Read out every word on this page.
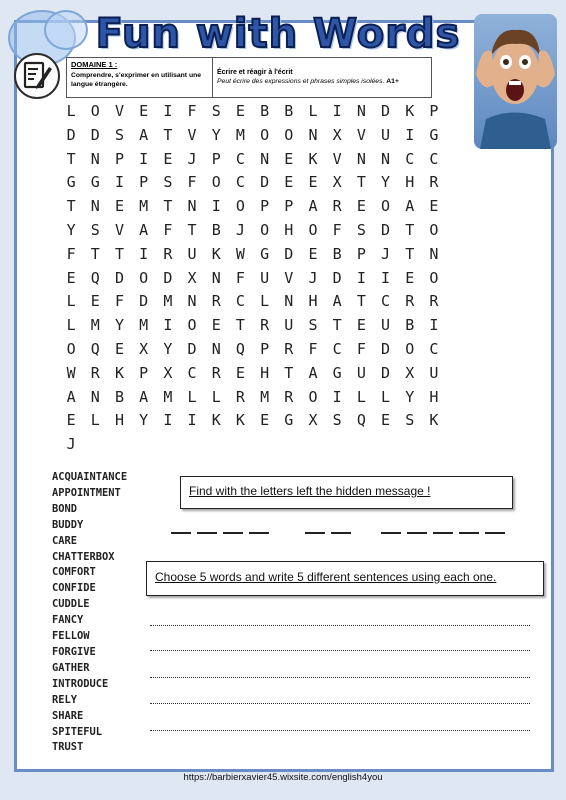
Fun with Words
DOMAINE 1 :
Comprendre, s'exprimer en utilisant une langue étrangère.
Écrire et réagir à l'écrit
Peut écrire des expressions et phrases simples isolées. A1+
L	O	V	E	I	F	S	E	B	B	L	I	N	D	K	P
D	D	S	A	T	V	Y	M	O	O	N	X	V	U	I	G
T	N	P	I	E	J	P	C	N	E	K	V	N	N	C	C
G	G	I	P	S	F	O	C	D	E	E	X	T	Y	H	R
T	N	E	M	T	N	I	O	P	P	A	R	E	O	A	E
Y	S	V	A	F	T	B	J	O	H	O	F	S	D	T	O
F	T	T	I	R	U	K	W	G	D	E	B	P	J	T	N
E	Q	D	O	D	X	N	F	U	V	J	D	I	I	E	O
L	E	F	D	M	N	R	C	L	N	H	A	T	C	R	R
L	M	Y	M	I	O	E	T	R	U	S	T	E	U	B	I
O	Q	E	X	Y	D	N	Q	P	R	F	C	F	D	O	C
W	R	K	P	X	C	R	E	H	T	A	G	U	D	X	U
A	N	B	A	M	L	L	R	M	R	O	I	L	L	Y	H
E	L	H	Y	I	I	K	K	E	G	X	S	Q	E	S	K
J
ACQUAINTANCE
APPOINTMENT
BOND
BUDDY
CARE
CHATTERBOX
COMFORT
CONFIDE
CUDDLE
FANCY
FELLOW
FORGIVE
GATHER
INTRODUCE
RELY
SHARE
SPITEFUL
TRUST
Find with the letters left the hidden message !
Choose 5 words and write 5 different sentences using each one.
https://barbierxavier45.wixsite.com/english4you
